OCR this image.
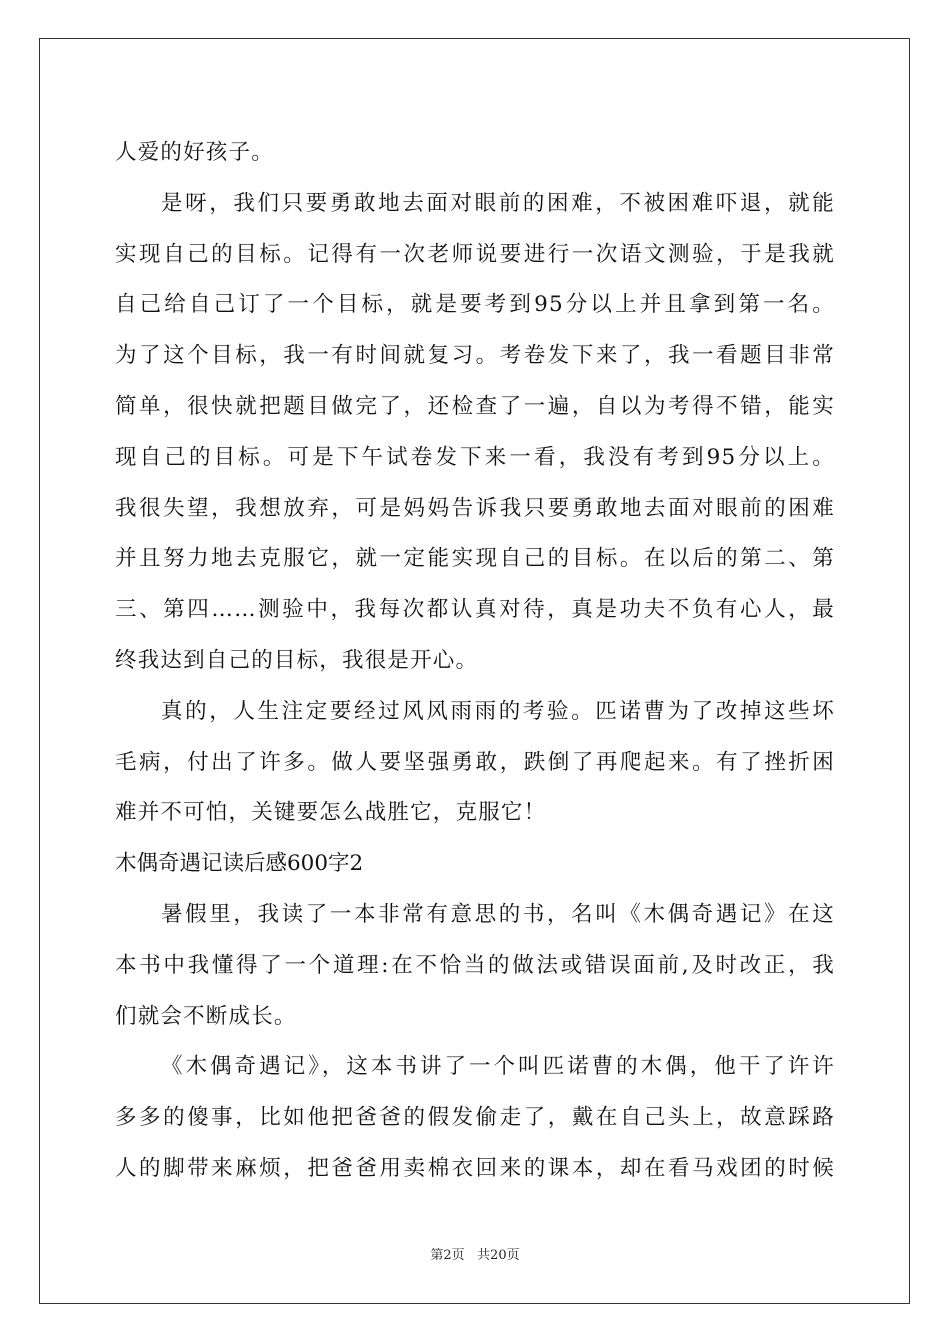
人爱的好孩子。
是呀，我们只要勇敢地去面对眼前的困难，不被困难吓退，就能
实现自己的目标。记得有一次老师说要进行一次语文测验，于是我就
自己给自己订了一个目标，就是要考到95分以上并且拿到第一名。
为了这个目标，我一有时间就复习。考卷发下来了，我一看题目非常
简单，很快就把题目做完了，还检查了一遍，自以为考得不错，能实
现自己的目标。可是下午试卷发下来一看，我没有考到95分以上。
我很失望，我想放弃，可是妈妈告诉我只要勇敢地去面对眼前的困难
并且努力地去克服它，就一定能实现自己的目标。在以后的第二、第
三、第四……测验中，我每次都认真对待，真是功夫不负有心人，最
终我达到自己的目标，我很是开心。
真的，人生注定要经过风风雨雨的考验。匹诺曹为了改掉这些坏
毛病，付出了许多。做人要坚强勇敢，跌倒了再爬起来。有了挫折困
难并不可怕，关键要怎么战胜它，克服它！
木偶奇遇记读后感600字2
暑假里，我读了一本非常有意思的书，名叫《木偶奇遇记》在这
本书中我懂得了一个道理:在不恰当的做法或错误面前,及时改正，我
们就会不断成长。
《木偶奇遇记》，这本书讲了一个叫匹诺曹的木偶，他干了许许
多多的傻事，比如他把爸爸的假发偷走了，戴在自己头上，故意踩路
人的脚带来麻烦，把爸爸用卖棉衣回来的课本，却在看马戏团的时候
第2页   共20页
